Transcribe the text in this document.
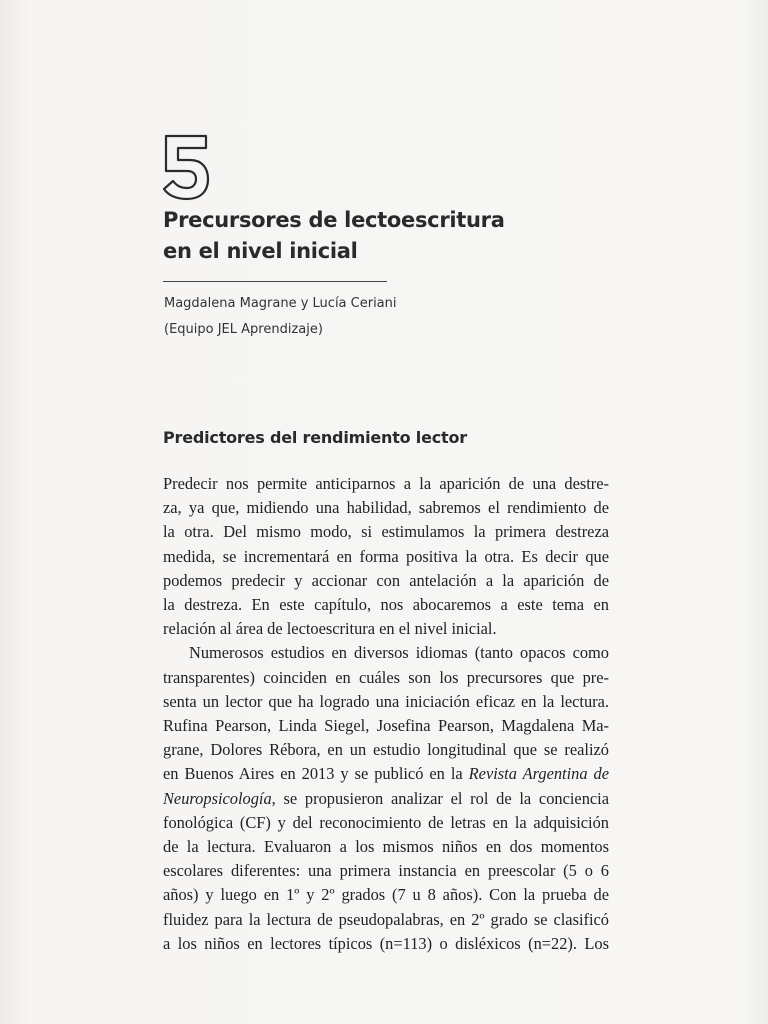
Precursores de lectoescritura
en el nivel inicial
Magdalena Magrane y Lucía Ceriani
(Equipo JEL Aprendizaje)
Predictores del rendimiento lector

Predecir nos permite anticiparnos a la aparición de una destre-
za, ya que, midiendo una habilidad, sabremos el rendimiento de
la otra. Del mismo modo, si estimulamos la primera destreza
medida, se incrementará en forma positiva la otra. Es decir que
podemos predecir y accionar con antelación a la aparición de
la destreza. En este capítulo, nos abocaremos a este tema en
relación al área de lectoescritura en el nivel inicial.

Numerosos estudios en diversos idiomas (tanto opacos como
transparentes) coinciden en cuáles son los precursores que pre-
senta un lector que ha logrado una iniciación eficaz en la lectura.
Rufina Pearson, Linda Siegel, Josefina Pearson, Magdalena Ma-
grane, Dolores Rébora, en un estudio longitudinal que se realizó
en Buenos Aires en 2013 y se publicó en la Revista Argentina de
Neuropsicología, se propusieron analizar el rol de la conciencia
fonológica (CF) y del reconocimiento de letras en la adquisición
de la lectura. Evaluaron a los mismos niños en dos momentos
escolares diferentes: una primera instancia en preescolar (5 o 6
años) y luego en 1º y 2º grados (7 u 8 años). Con la prueba de
fluidez para la lectura de pseudopalabras, en 2º grado se clasificó
a los niños en lectores típicos (n=113) o disléxicos (n=22). Los
